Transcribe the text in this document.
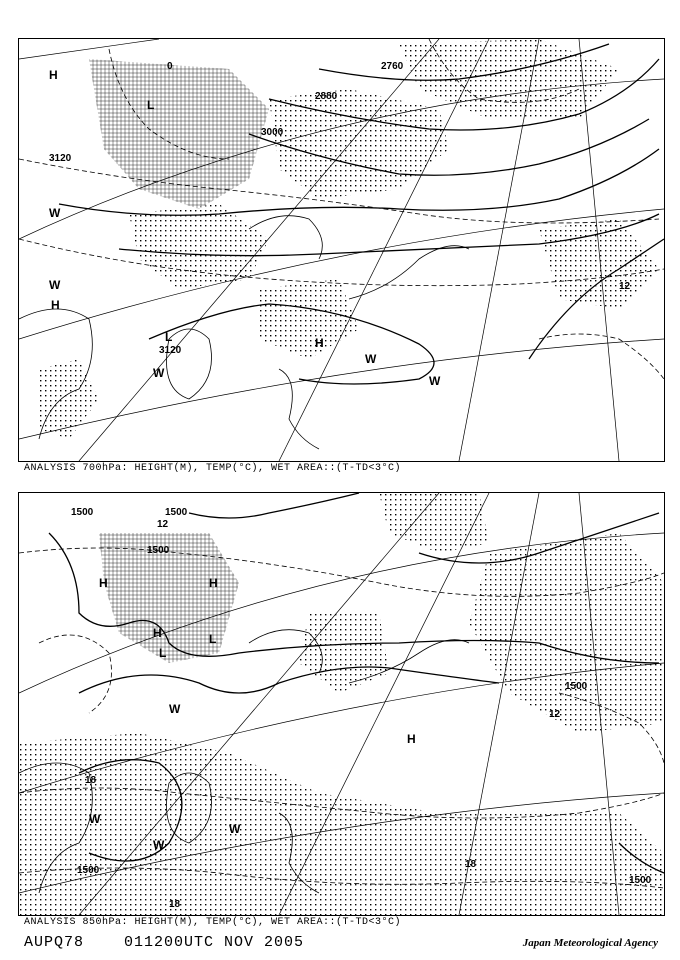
3000
2880
2760
3120
3120
0
12
H
H
H
L
L
W
W
W
W
W
ANALYSIS 700hPa: HEIGHT(M), TEMP(°C), WET AREA::(T-TD<3°C)
1500	1500
1500
1500
1500
1500
12
18
18
18
12
H	H
H
H
L
L
W
W
W
W
ANALYSIS 850hPa: HEIGHT(M), TEMP(°C), WET AREA::(T-TD<3°C)
AUPQ78	011200UTC NOV 2005	Japan Meteorological Agency
